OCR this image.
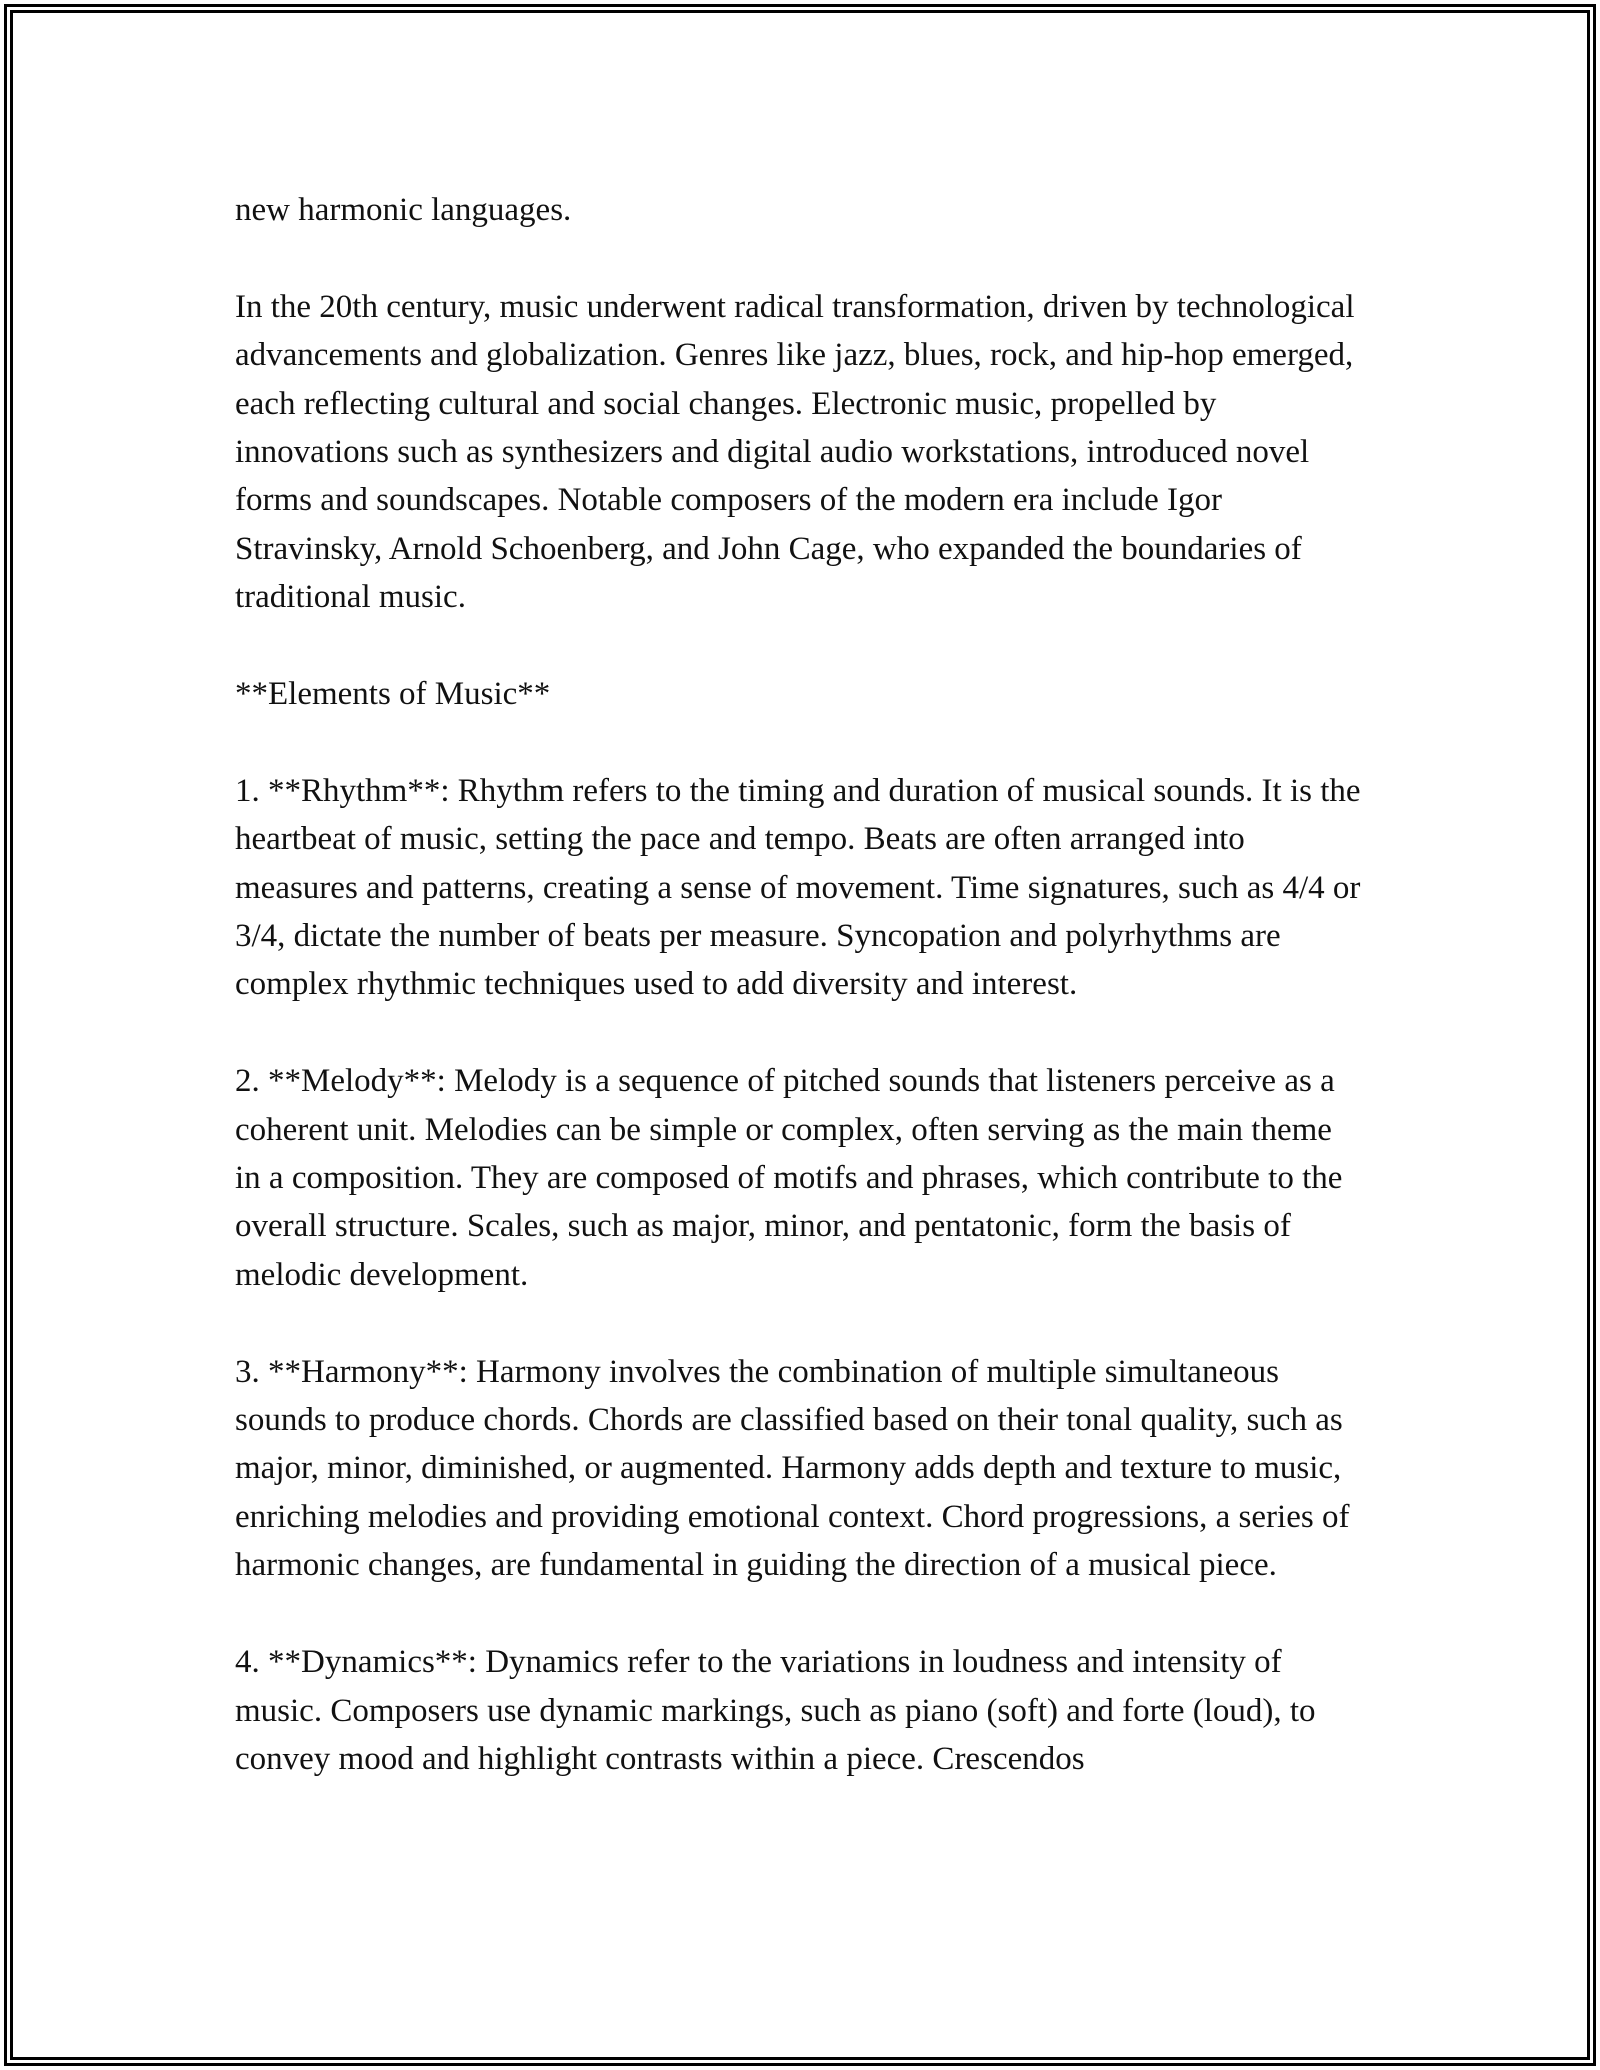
new harmonic languages.

In the 20th century, music underwent radical transformation, driven by technological advancements and globalization. Genres like jazz, blues, rock, and hip-hop emerged, each reflecting cultural and social changes. Electronic music, propelled by innovations such as synthesizers and digital audio workstations, introduced novel forms and soundscapes. Notable composers of the modern era include Igor Stravinsky, Arnold Schoenberg, and John Cage, who expanded the boundaries of traditional music.

**Elements of Music**

1. **Rhythm**: Rhythm refers to the timing and duration of musical sounds. It is the heartbeat of music, setting the pace and tempo. Beats are often arranged into measures and patterns, creating a sense of movement. Time signatures, such as 4/4 or 3/4, dictate the number of beats per measure. Syncopation and polyrhythms are complex rhythmic techniques used to add diversity and interest.

2. **Melody**: Melody is a sequence of pitched sounds that listeners perceive as a coherent unit. Melodies can be simple or complex, often serving as the main theme in a composition. They are composed of motifs and phrases, which contribute to the overall structure. Scales, such as major, minor, and pentatonic, form the basis of melodic development.

3. **Harmony**: Harmony involves the combination of multiple simultaneous sounds to produce chords. Chords are classified based on their tonal quality, such as major, minor, diminished, or augmented. Harmony adds depth and texture to music, enriching melodies and providing emotional context. Chord progressions, a series of harmonic changes, are fundamental in guiding the direction of a musical piece.

4. **Dynamics**: Dynamics refer to the variations in loudness and intensity of music. Composers use dynamic markings, such as piano (soft) and forte (loud), to convey mood and highlight contrasts within a piece. Crescendos
